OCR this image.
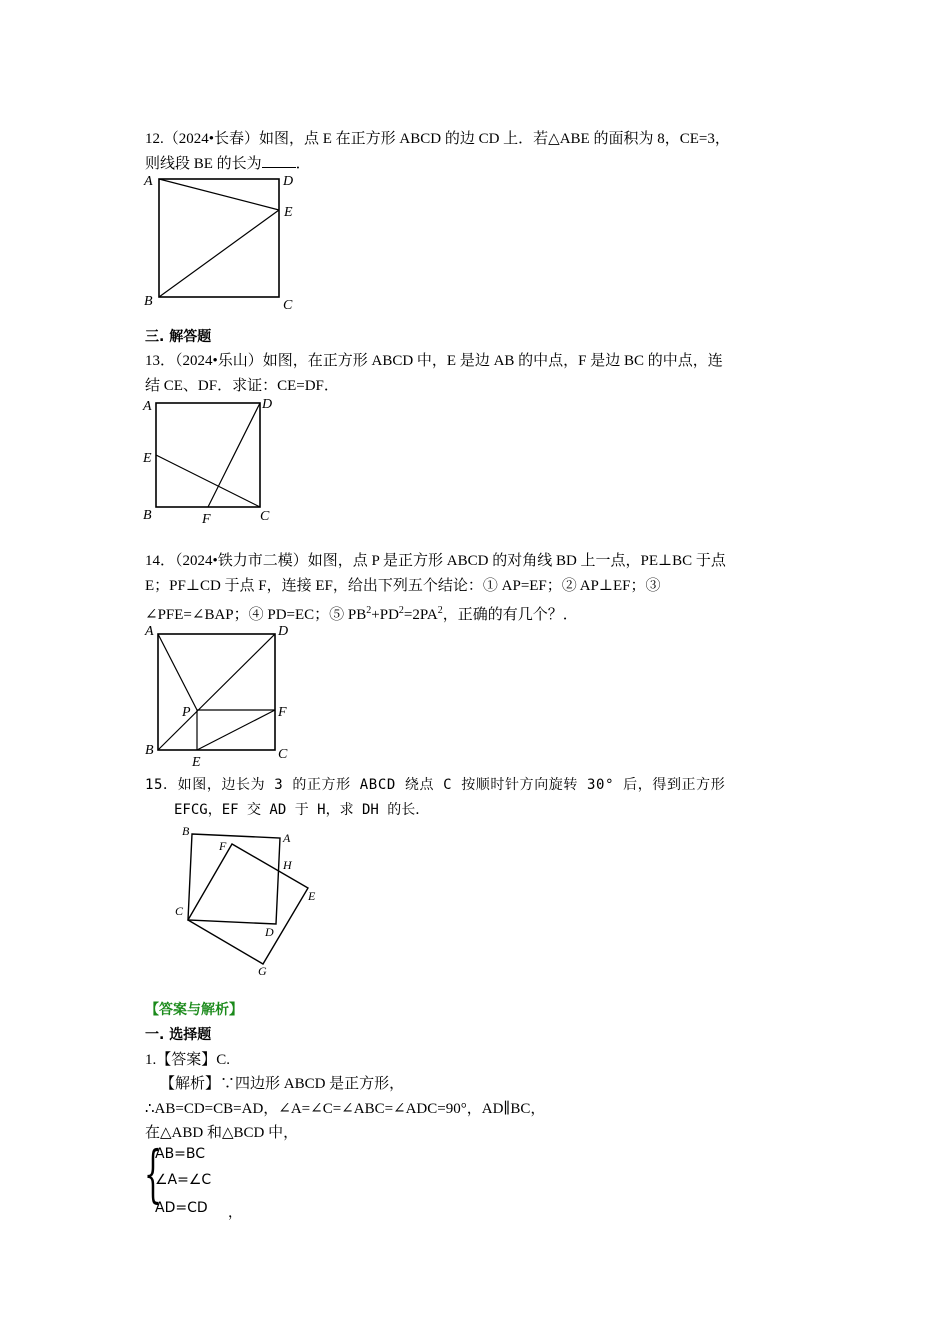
12.（2024•长春）如图，点 E 在正方形 ABCD 的边 CD 上．若△ABE 的面积为 8，CE=3，
则线段 BE 的长为 ．
A	D
E
B	C
三. 解答题
13．（2024•乐山）如图，在正方形 ABCD 中，E 是边 AB 的中点，F 是边 BC 的中点，连
结 CE、DF．求证：CE=DF．
A	D
E
B	F	C
14．（2024•铁力市二模）如图，点 P 是正方形 ABCD 的对角线 BD 上一点，PE⊥BC 于点
E；PF⊥CD 于点 F，连接 EF，给出下列五个结论：① AP=EF；② AP⊥EF；③
∠PFE=∠BAP；④ PD=EC；⑤ $PB^2+PD^2=2PA^2$，正确的有几个？．
A	D
P	F
B
E
C
15．如图，边长为 3 的正方形 ABCD 绕点 C 按顺时针方向旋转 30° 后，得到正方形
EFCG，EF 交 AD 于 H，求 DH 的长．
B	A
F
H
E
C
D
G
【答案与解析】
一. 选择题
1.【答案】C.
【解析】∵四边形 ABCD 是正方形，
∴AB=CD=CB=AD，∠A=∠C=∠ABC=∠ADC=90°，AD∥BC，
在△ABD 和△BCD 中，
{
AB=BC
∠A=∠C
AD=CD ，
